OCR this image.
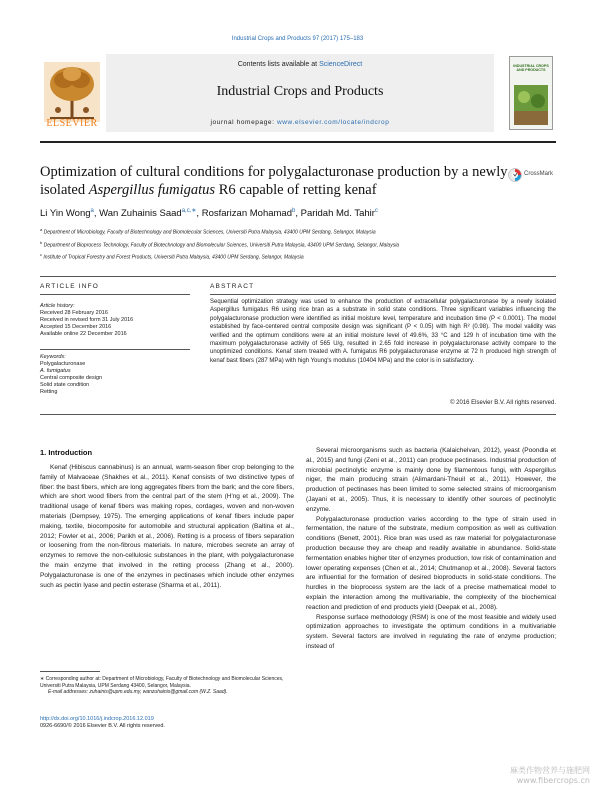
Industrial Crops and Products 97 (2017) 175–183
Contents lists available at ScienceDirect
Industrial Crops and Products
journal homepage: www.elsevier.com/locate/indcrop
ELSEVIER
INDUSTRIAL CROPS AND PRODUCTS
Optimization of cultural conditions for polygalacturonase production by a newly isolated Aspergillus fumigatus R6 capable of retting kenaf
CrossMark
Li Yin Wong$^a$, Wan Zuhainis Saad$^{a,c,∗}$, Rosfarizan Mohamad$^b$, Paridah Md. Tahir$^c$

$^a$ Department of Microbiology, Faculty of Biotechnology and Biomolecular Sciences, Universiti Putra Malaysia, 43400 UPM Serdang, Selangor, Malaysia

$^b$ Department of Bioprocess Technology, Faculty of Biotechnology and Biomolecular Sciences, Universiti Putra Malaysia, 43400 UPM Serdang, Selangor, Malaysia

$^c$ Institute of Tropical Forestry and Forest Products, Universiti Putra Malaysia, 43400 UPM Serdang, Selangor, Malaysia

ARTICLE INFO	ABSTRACT
Article history:
Received 28 February 2016
Received in revised form 31 July 2016
Accepted 15 December 2016
Available online 22 December 2016
Keywords:
Polygalacturonase
A. fumigatus
Central composite design
Solid state condition
Retting
Sequential optimization strategy was used to enhance the production of extracellular polygalacturonase by a newly isolated Aspergillus fumigatus R6 using rice bran as a substrate in solid state conditions. Three significant variables influencing the polygalacturonase production were identified as initial moisture level, temperature and incubation time (P < 0.0001). The model established by face-centered central composite design was significant (P < 0.05) with high R² (0.98). The model validity was verified and the optimum conditions were at an initial moisture level of 49.6%, 33 °C and 129 h of incubation time with the maximum polygalacturonase activity of 565 U/g, resulted in 2.65 fold increase in polygalacturonase activity compare to the unoptimized conditions. Kenaf stem treated with A. fumigatus R6 polygalacturonase enzyme at 72 h produced high strength of kenaf bast fibers (287 MPa) with high Young's modulus (10404 MPa) and the color is in satisfactory.
© 2016 Elsevier B.V. All rights reserved.
1. Introduction

Kenaf (Hibiscus cannabinus) is an annual, warm-season fiber crop belonging to the family of Malvaceae (Shakhes et al., 2011). Kenaf consists of two distinctive types of fiber: the bast fibers, which are long aggregates fibers from the bark; and the core fibers, which are short wood fibers from the central part of the stem (H'ng et al., 2009). The traditional usage of kenaf fibers was making ropes, cordages, woven and non-woven materials (Dempsey, 1975). The emerging applications of kenaf fibers include paper making, textile, biocomposite for automobile and structural application (Baltina et al., 2012; Fowler et al., 2006; Parikh et al., 2006). Retting is a process of fibers separation or loosening from the non-fibrous materials. In nature, microbes secrete an array of enzymes to remove the non-cellulosic substances in the plant, with polygalacturonase the main enzyme that involved in the retting process (Zhang et al., 2000). Polygalacturonase is one of the enzymes in pectinases which include other enzymes such as pectin lyase and pectin esterase (Sharma et al., 2011).

Several microorganisms such as bacteria (Kalaichelvan, 2012), yeast (Poondla et al., 2015) and fungi (Zeni et al., 2011) can produce pectinases. Industrial production of microbial pectinolytic enzyme is mainly done by filamentous fungi, with Aspergillus niger, the main producing strain (Alimardani-Theuil et al., 2011). However, the production of pectinases has been limited to some selected strains of microorganism (Jayani et al., 2005). Thus, it is necessary to identify other sources of pectinolytic enzyme.

Polygalacturonase production varies according to the type of strain used in fermentation, the nature of the substrate, medium composition as well as cultivation conditions (Benett, 2001). Rice bran was used as raw material for polygalacturonase production because they are cheap and readily available in abundance. Solid-state fermentation enables higher titer of enzymes production, low risk of contamination and lower operating expenses (Chen et al., 2014; Chutmanop et al., 2008). Several factors are influential for the formation of desired bioproducts in solid-state conditions. The hurdles in the bioprocess system are the lack of a precise mathematical model to explain the interaction among the multivariable, the complexity of the biochemical reaction and prediction of end products yield (Deepak et al., 2008).

Response surface methodology (RSM) is one of the most feasible and widely used optimization approaches to investigate the optimum conditions in a multivariable system. Several factors are involved in regulating the rate of enzyme production; instead of

∗ Corresponding author at: Department of Microbiology, Faculty of Biotechnology and Biomolecular Sciences, Universiti Putra Malaysia, UPM Serdang 43400, Selangor, Malaysia.
E-mail addresses: zuhainis@upm.edu.my, wanzuhainis@gmail.com (W.Z. Saad).
http://dx.doi.org/10.1016/j.indcrop.2016.12.019
0926-6690/© 2016 Elsevier B.V. All rights reserved.
麻类作物营养与施肥网
www.fibercrops.cn
